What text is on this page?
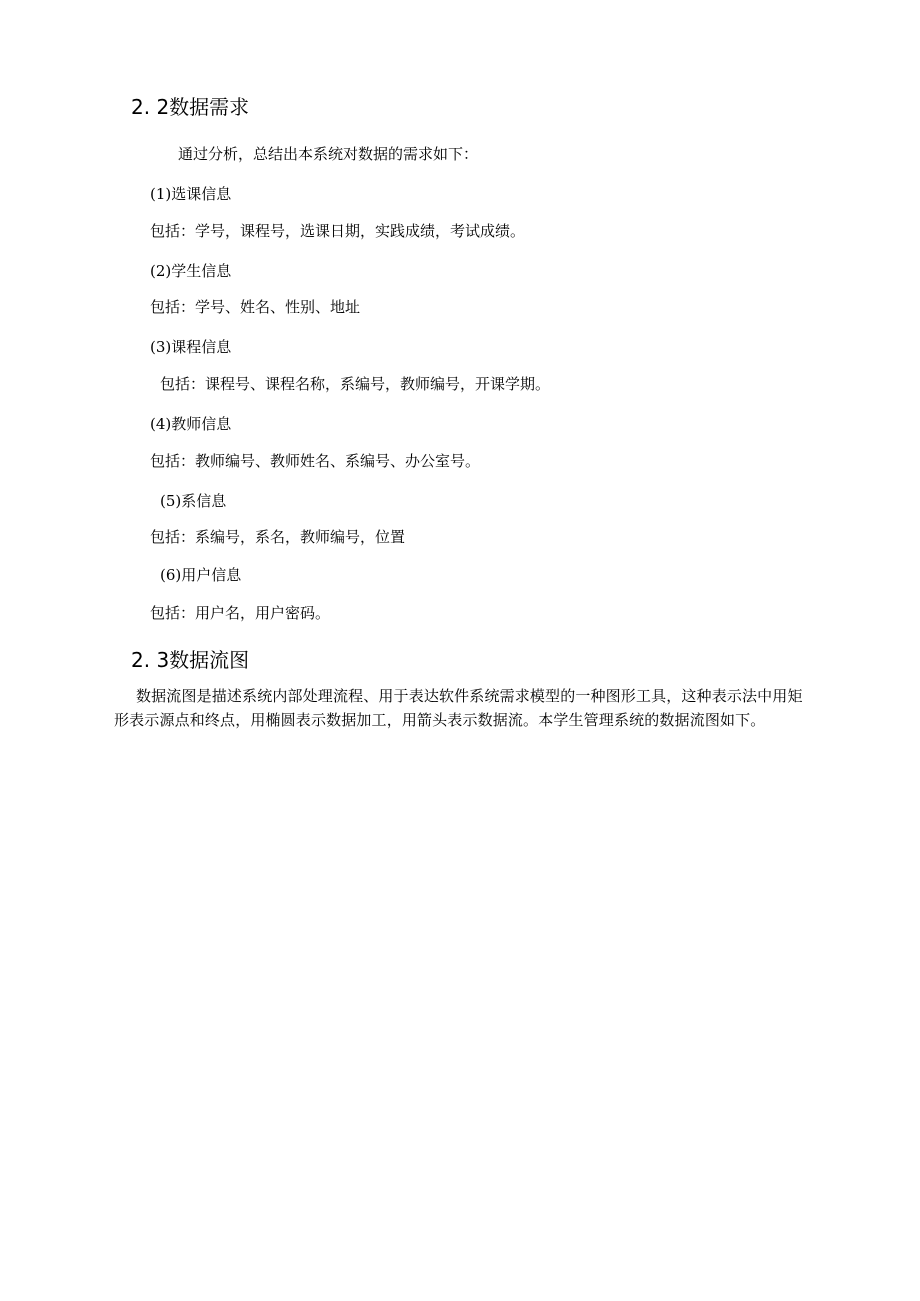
2. 2数据需求

通过分析，总结出本系统对数据的需求如下：

(1)选课信息

包括：学号，课程号，选课日期，实践成绩，考试成绩。

(2)学生信息

包括：学号、姓名、性别、地址

(3)课程信息

包括：课程号、课程名称，系编号，教师编号，开课学期。

(4)教师信息

包括：教师编号、教师姓名、系编号、办公室号。

(5)系信息

包括：系编号，系名，教师编号，位置

(6)用户信息

包括：用户名，用户密码。

2. 3数据流图

数据流图是描述系统内部处理流程、用于表达软件系统需求模型的一种图形工具，这种表示法中用矩形表示源点和终点，用椭圆表示数据加工，用箭头表示数据流。本学生管理系统的数据流图如下。
